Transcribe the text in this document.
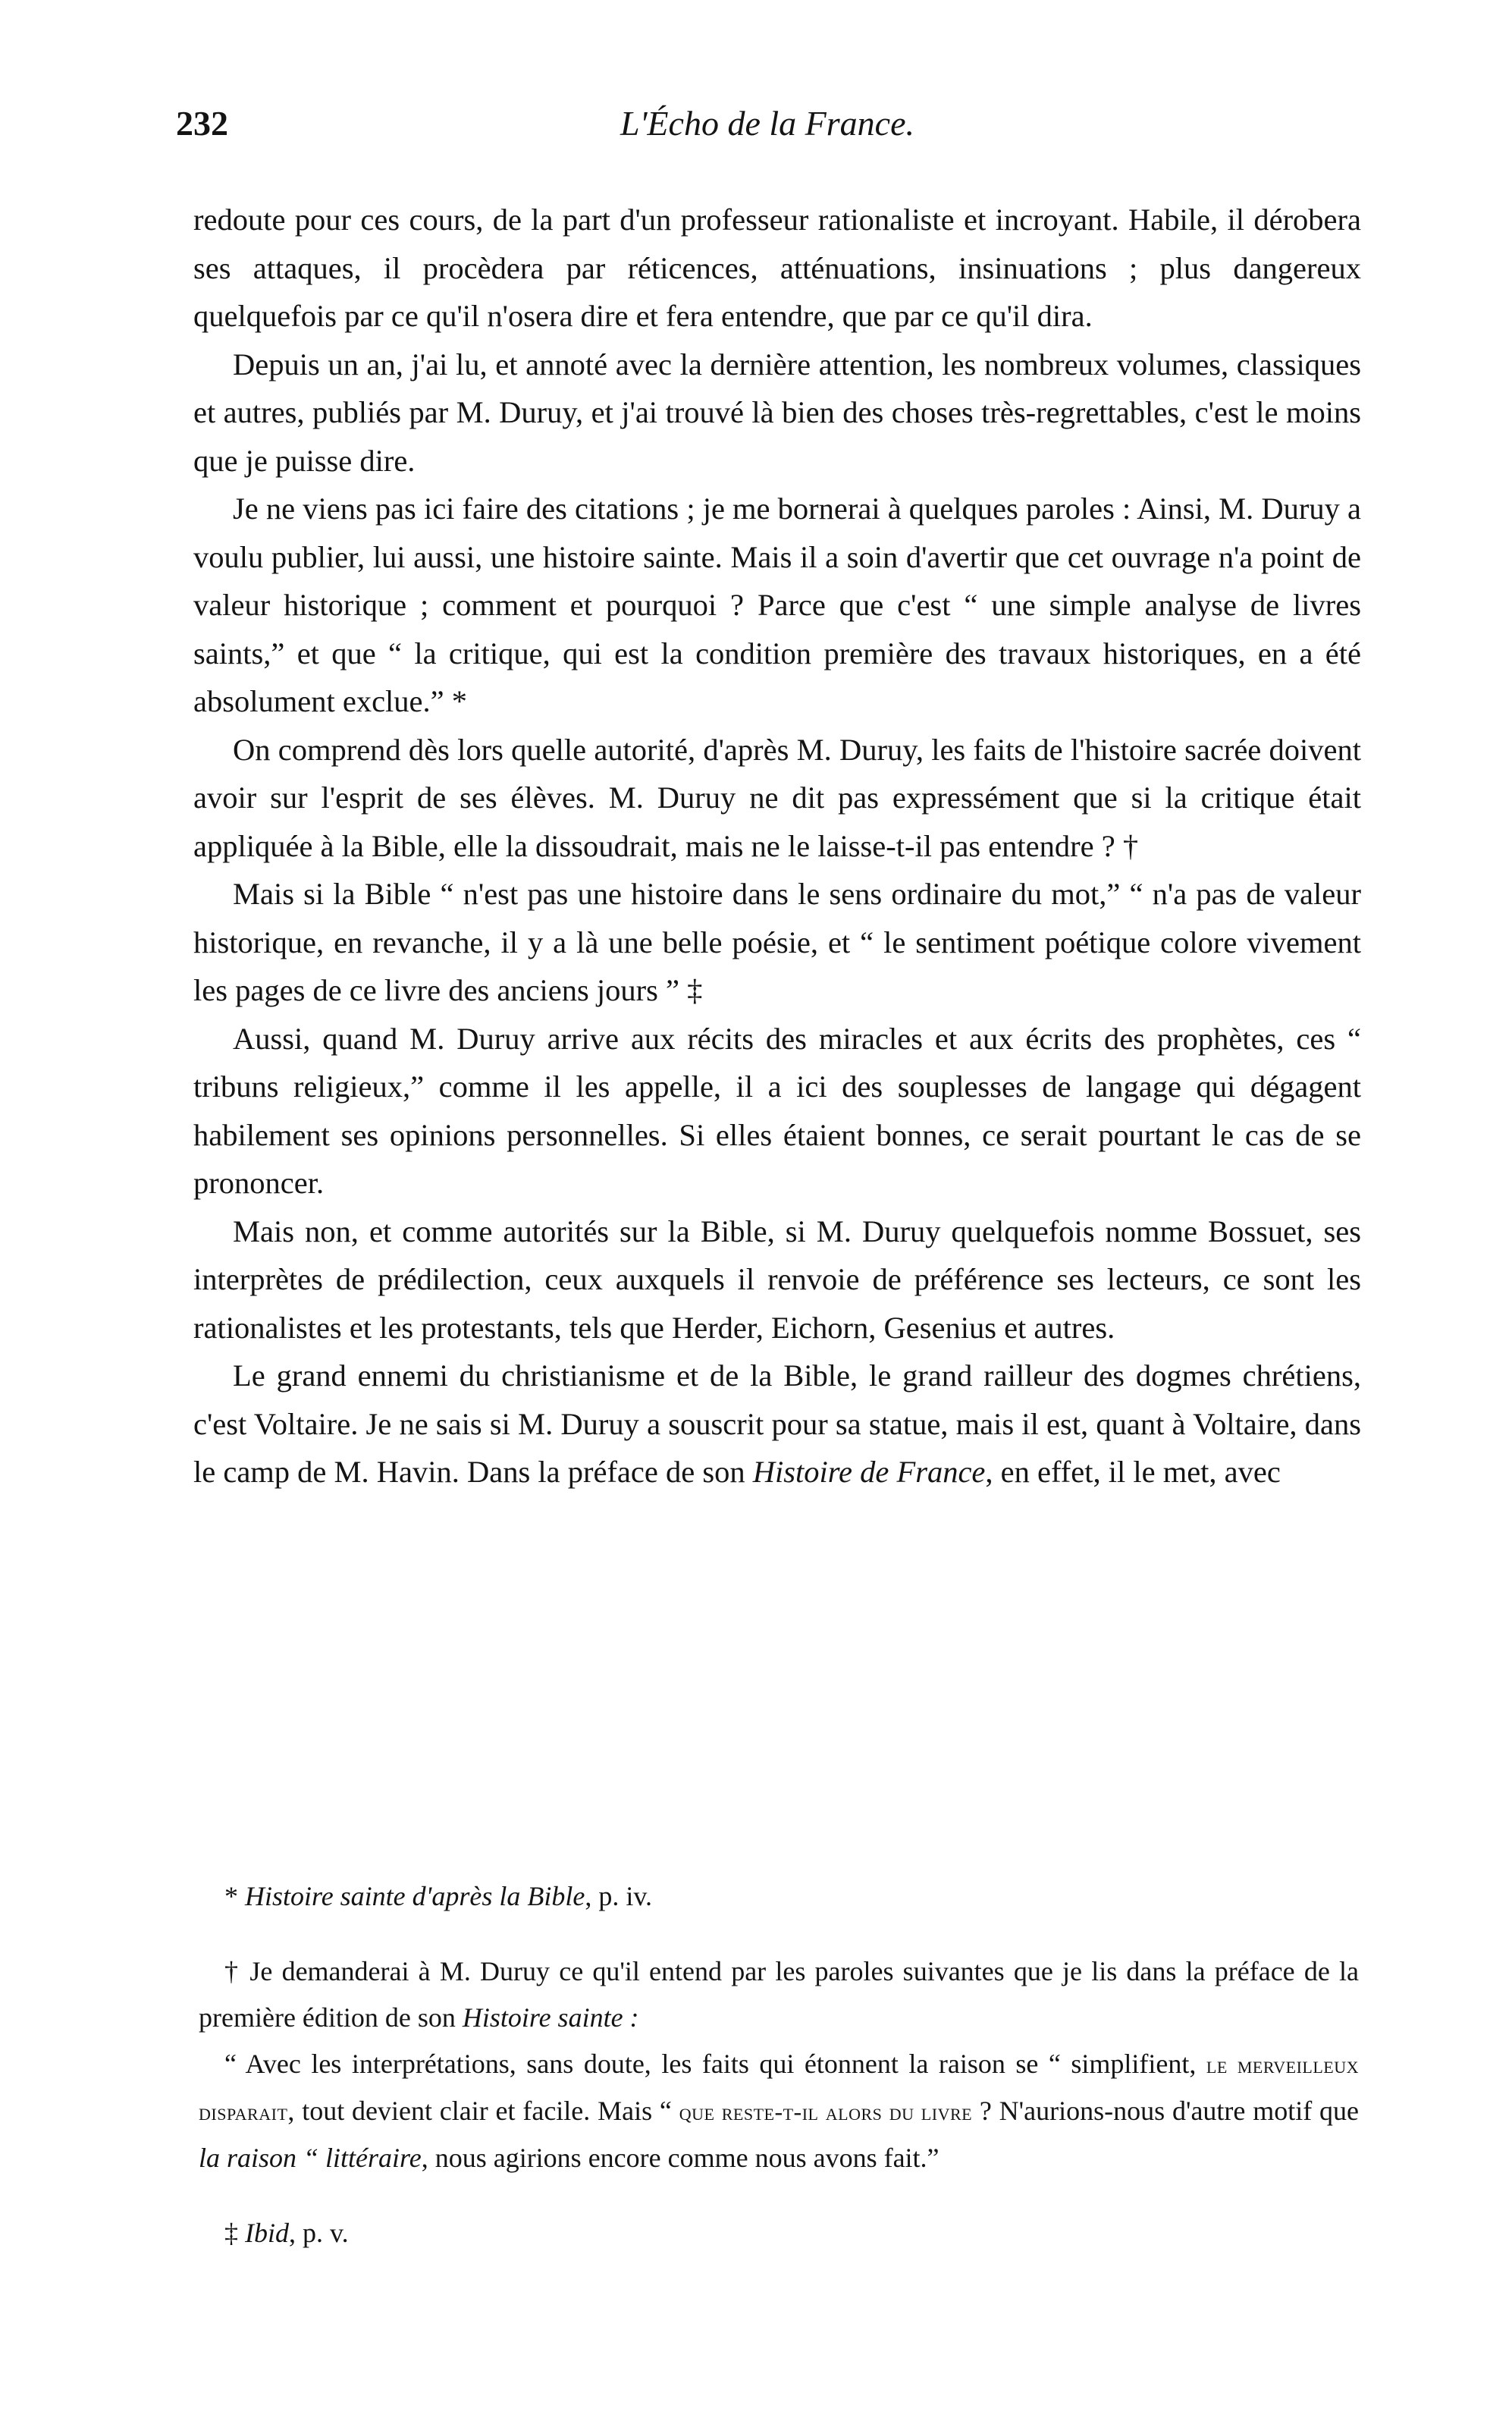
232	L'Écho de la France.

redoute pour ces cours, de la part d'un professeur rationaliste et incroyant. Habile, il dérobera ses attaques, il procèdera par réticences, atténuations, insinuations ; plus dangereux quelquefois par ce qu'il n'osera dire et fera entendre, que par ce qu'il dira.

Depuis un an, j'ai lu, et annoté avec la dernière attention, les nombreux volumes, classiques et autres, publiés par M. Duruy, et j'ai trouvé là bien des choses très-regrettables, c'est le moins que je puisse dire.

Je ne viens pas ici faire des citations ; je me bornerai à quelques paroles : Ainsi, M. Duruy a voulu publier, lui aussi, une histoire sainte. Mais il a soin d'avertir que cet ouvrage n'a point de valeur historique ; comment et pourquoi ? Parce que c'est “ une simple analyse de livres saints,” et que “ la critique, qui est la condition première des travaux historiques, en a été absolument exclue.” *

On comprend dès lors quelle autorité, d'après M. Duruy, les faits de l'histoire sacrée doivent avoir sur l'esprit de ses élèves. M. Duruy ne dit pas expressément que si la critique était appliquée à la Bible, elle la dissoudrait, mais ne le laisse-t-il pas entendre ? †

Mais si la Bible “ n'est pas une histoire dans le sens ordinaire du mot,” “ n'a pas de valeur historique, en revanche, il y a là une belle poésie, et “ le sentiment poétique colore vivement les pages de ce livre des anciens jours ” ‡

Aussi, quand M. Duruy arrive aux récits des miracles et aux écrits des prophètes, ces “ tribuns religieux,” comme il les appelle, il a ici des souplesses de langage qui dégagent habilement ses opinions personnelles. Si elles étaient bonnes, ce serait pourtant le cas de se prononcer.

Mais non, et comme autorités sur la Bible, si M. Duruy quelquefois nomme Bossuet, ses interprètes de prédilection, ceux auxquels il renvoie de préférence ses lecteurs, ce sont les rationalistes et les protestants, tels que Herder, Eichorn, Gesenius et autres.

Le grand ennemi du christianisme et de la Bible, le grand railleur des dogmes chrétiens, c'est Voltaire. Je ne sais si M. Duruy a souscrit pour sa statue, mais il est, quant à Voltaire, dans le camp de M. Havin. Dans la préface de son Histoire de France, en effet, il le met, avec

* Histoire sainte d'après la Bible, p. iv.

† Je demanderai à M. Duruy ce qu'il entend par les paroles suivantes que je lis dans la préface de la première édition de son Histoire sainte :

“ Avec les interprétations, sans doute, les faits qui étonnent la raison se “ simplifient, le merveilleux disparait, tout devient clair et facile. Mais “ que reste-t-il alors du livre ? N'aurions-nous d'autre motif que la raison “ littéraire, nous agirions encore comme nous avons fait.”

‡ Ibid, p. v.
